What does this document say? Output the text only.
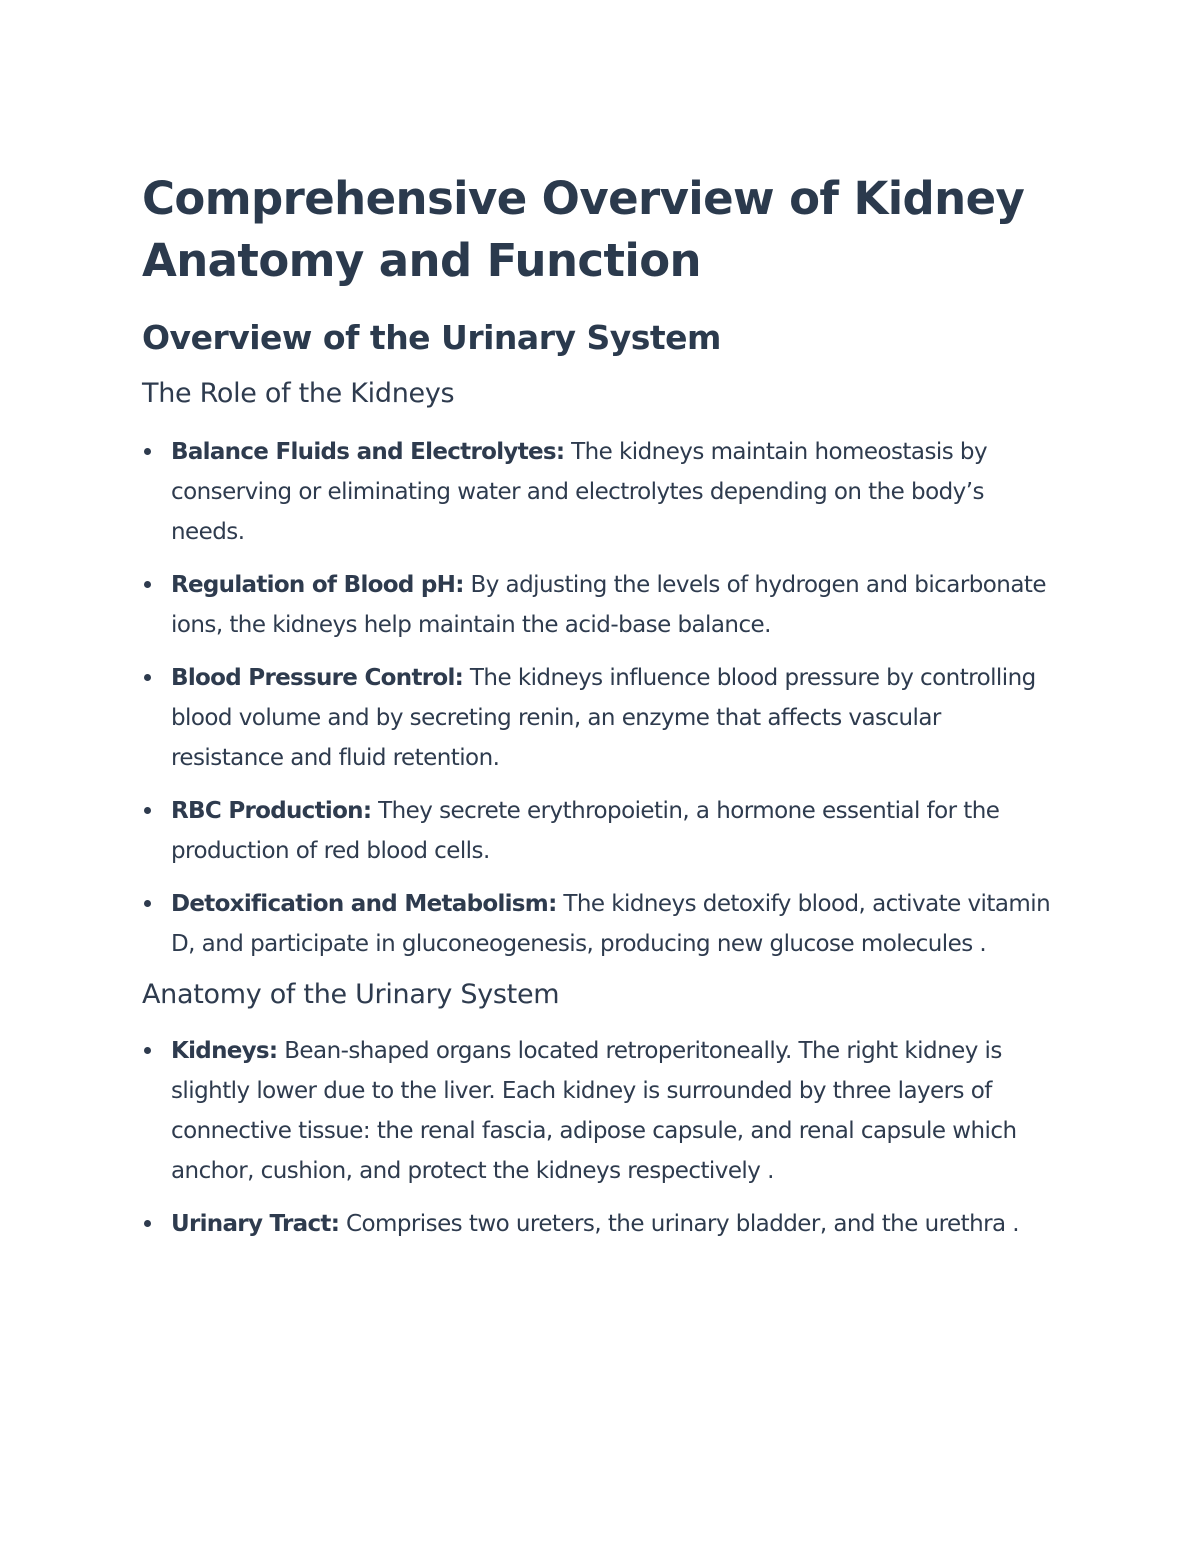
Comprehensive Overview of Kidney Anatomy and Function
Overview of the Urinary System
The Role of the Kidneys
Balance Fluids and Electrolytes: The kidneys maintain homeostasis by conserving or eliminating water and electrolytes depending on the body’s needs.
Regulation of Blood pH: By adjusting the levels of hydrogen and bicarbonate ions, the kidneys help maintain the acid-base balance.
Blood Pressure Control: The kidneys influence blood pressure by controlling blood volume and by secreting renin, an enzyme that affects vascular resistance and fluid retention.
RBC Production: They secrete erythropoietin, a hormone essential for the production of red blood cells.
Detoxification and Metabolism: The kidneys detoxify blood, activate vitamin D, and participate in gluconeogenesis, producing new glucose molecules .
Anatomy of the Urinary System
Kidneys: Bean-shaped organs located retroperitoneally. The right kidney is slightly lower due to the liver. Each kidney is surrounded by three layers of connective tissue: the renal fascia, adipose capsule, and renal capsule which anchor, cushion, and protect the kidneys respectively .
Urinary Tract: Comprises two ureters, the urinary bladder, and the urethra .
